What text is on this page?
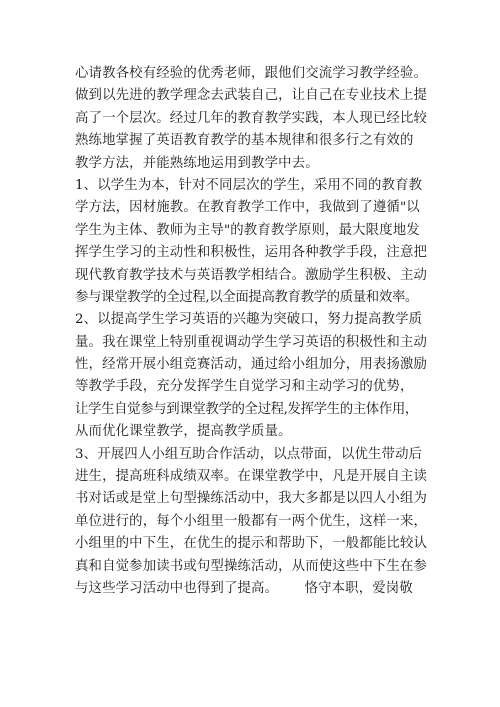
心请教各校有经验的优秀老师，跟他们交流学习教学经验。
做到以先进的教学理念去武装自己，让自己在专业技术上提
高了一个层次。经过几年的教育教学实践，本人现已经比较
熟练地掌握了英语教育教学的基本规律和很多行之有效的
教学方法，并能熟练地运用到教学中去。
1、以学生为本，针对不同层次的学生，采用不同的教育教
学方法，因材施教。在教育教学工作中，我做到了遵循"以
学生为主体、教师为主导"的教育教学原则，最大限度地发
挥学生学习的主动性和积极性，运用各种教学手段，注意把
现代教育教学技术与英语教学相结合。激励学生积极、主动
参与课堂教学的全过程,以全面提高教育教学的质量和效率。
2、以提高学生学习英语的兴趣为突破口，努力提高教学质
量。我在课堂上特别重视调动学生学习英语的积极性和主动
性，经常开展小组竞赛活动，通过给小组加分，用表扬激励
等教学手段，充分发挥学生自觉学习和主动学习的优势，
让学生自觉参与到课堂教学的全过程,发挥学生的主体作用，
从而优化课堂教学，提高教学质量。
3、开展四人小组互助合作活动，以点带面，以优生带动后
进生，提高班科成绩双率。在课堂教学中，凡是开展自主读
书对话或是堂上句型操练活动中，我大多都是以四人小组为
单位进行的，每个小组里一般都有一两个优生，这样一来，
小组里的中下生，在优生的提示和帮助下，一般都能比较认
真和自觉参加读书或句型操练活动，从而使这些中下生在参
与这些学习活动中也得到了提高。      恪守本职，爱岗敬
